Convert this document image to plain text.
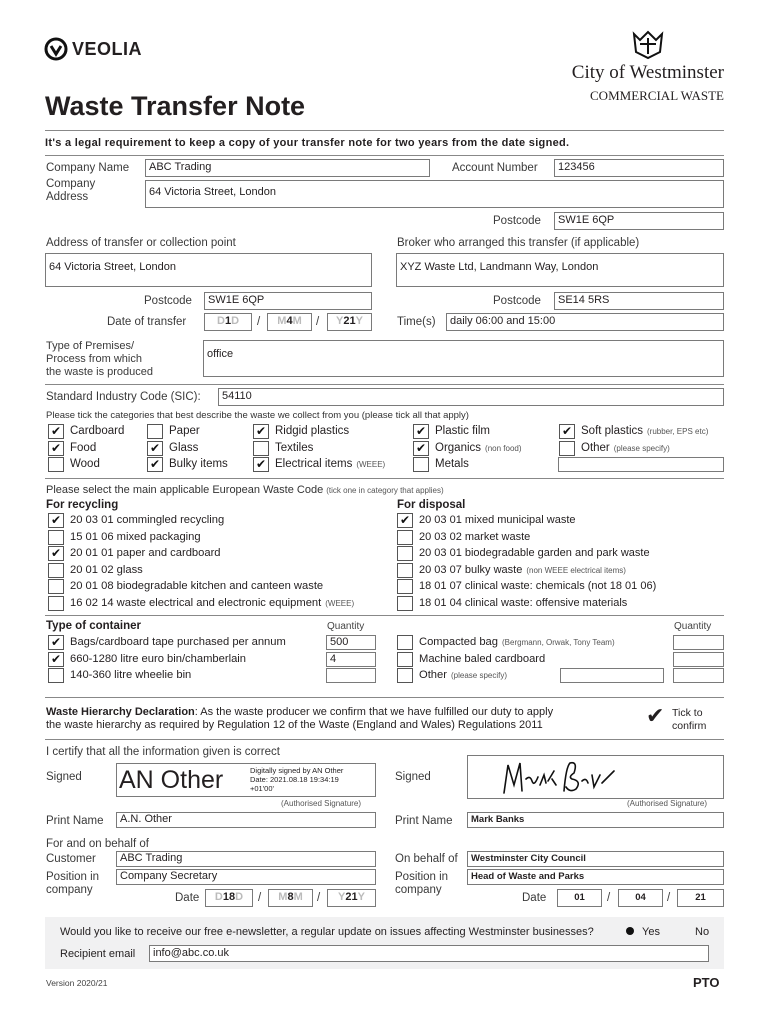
VEOLIA
City of Westminster
COMMERCIAL WASTE
Waste Transfer Note
It's a legal requirement to keep a copy of your transfer note for two years from the date signed.
Company Name	ABC Trading	Account Number	123456
Company
Address	64 Victoria Street, London
Postcode	SW1E 6QP
Address of transfer or collection point	Broker who arranged this transfer (if applicable)
64 Victoria Street, London	XYZ Waste Ltd, Landmann Way, London
Postcode	SW1E 6QP	Postcode	SE14 5RS
Date of transfer	D1D	/	M4M	/	Y21Y	Time(s)	daily 06:00 and 15:00
Type of Premises/
Process from which
the waste is produced
office
Standard Industry Code (SIC):	54110
Please tick the categories that best describe the waste we collect from you (please tick all that apply)
✔ Cardboard
✔ Food
Wood
Paper
✔ Glass
✔ Bulky items
✔ Ridgid plastics
Textiles
✔ Electrical items (WEEE)
✔ Plastic film
✔ Organics (non food)
Metals
✔ Soft plastics (rubber, EPS etc)
Other (please specify)
Please select the main applicable European Waste Code (tick one in category that applies)
For recycling	For disposal
✔ 20 03 01 commingled recycling
15 01 06 mixed packaging
✔ 20 01 01 paper and cardboard
20 01 02 glass
20 01 08 biodegradable kitchen and canteen waste
16 02 14 waste electrical and electronic equipment (WEEE)
✔ 20 03 01 mixed municipal waste
20 03 02 market waste
20 03 01 biodegradable garden and park waste
20 03 07 bulky waste (non WEEE electrical items)
18 01 07 clinical waste: chemicals (not 18 01 06)
18 01 04 clinical waste: offensive materials
Type of container	Quantity	Quantity
✔ Bags/cardboard tape purchased per annum	500
✔ 660-1280 litre euro bin/chamberlain	4
140-360 litre wheelie bin
Compacted bag (Bergmann, Orwak, Tony Team)
Machine baled cardboard
Other (please specify)
Waste Hierarchy Declaration: As the waste producer we confirm that we have fulfilled our duty to apply
the waste hierarchy as required by Regulation 12 of the Waste (England and Wales) Regulations 2011	✔ Tick to
confirm
I certify that all the information given is correct
Signed AN Other	Digitally signed by AN Other
Date: 2021.08.18 19:34:19
+01'00'
(Authorised Signature)
Print Name	A.N. Other
For and on behalf of
Customer	ABC Trading
Position in
company
Company Secretary
Date	D18D	/	M8M	/	Y21Y
Signed
(Authorised Signature)
Print Name	Mark Banks
On behalf of	Westminster City Council
Position in
company
Head of Waste and Parks
Date	01	/	04	/	21
Would you like to receive our free e-newsletter, a regular update on issues affecting Westminster businesses?	Yes	No
Recipient email	info@abc.co.uk
Version 2020/21	PTO
